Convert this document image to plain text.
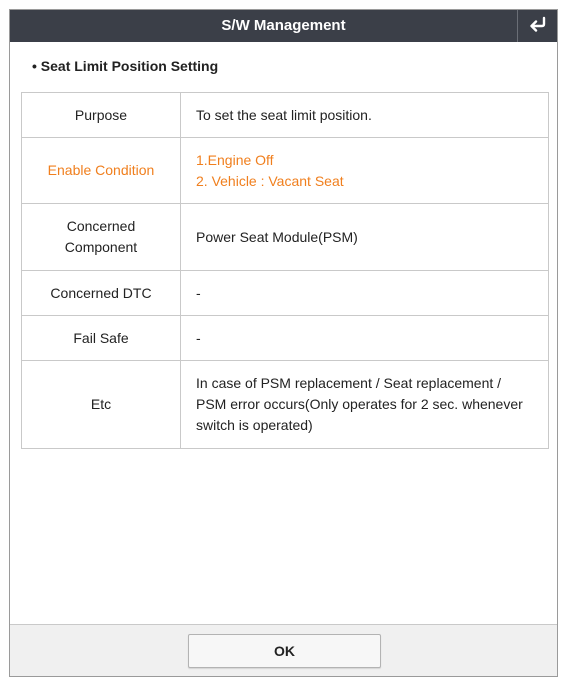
S/W Management
• Seat Limit Position Setting
Purpose	To set the seat limit position.

Enable Condition	1.Engine Off
2. Vehicle : Vacant Seat

Concerned
Component	Power Seat Module(PSM)

Concerned DTC	-

Fail Safe	-

Etc	In case of PSM replacement / Seat replacement / PSM error occurs(Only operates for 2 sec. whenever switch is operated)
OK
